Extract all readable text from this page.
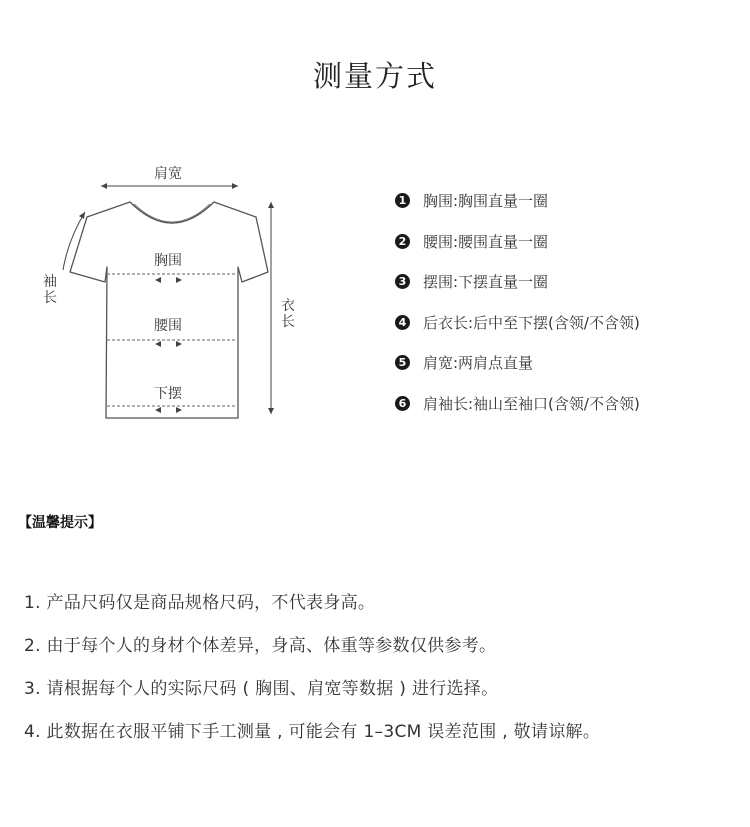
测量方式
肩宽
胸围
腰围
下摆
袖长	衣长
1 胸围:胸围直量一圈
2 腰围:腰围直量一圈
3 摆围:下摆直量一圈
4 后衣长:后中至下摆(含领/不含领)
5 肩宽:两肩点直量
6 肩袖长:袖山至袖口(含领/不含领)
【温馨提示】
1. 产品尺码仅是商品规格尺码，不代表身高。
2. 由于每个人的身材个体差异，身高、体重等参数仅供参考。
3. 请根据每个人的实际尺码 ( 胸围、肩宽等数据 ) 进行选择。
4. 此数据在衣服平铺下手工测量 , 可能会有 1–3CM 误差范围 , 敬请谅解。
